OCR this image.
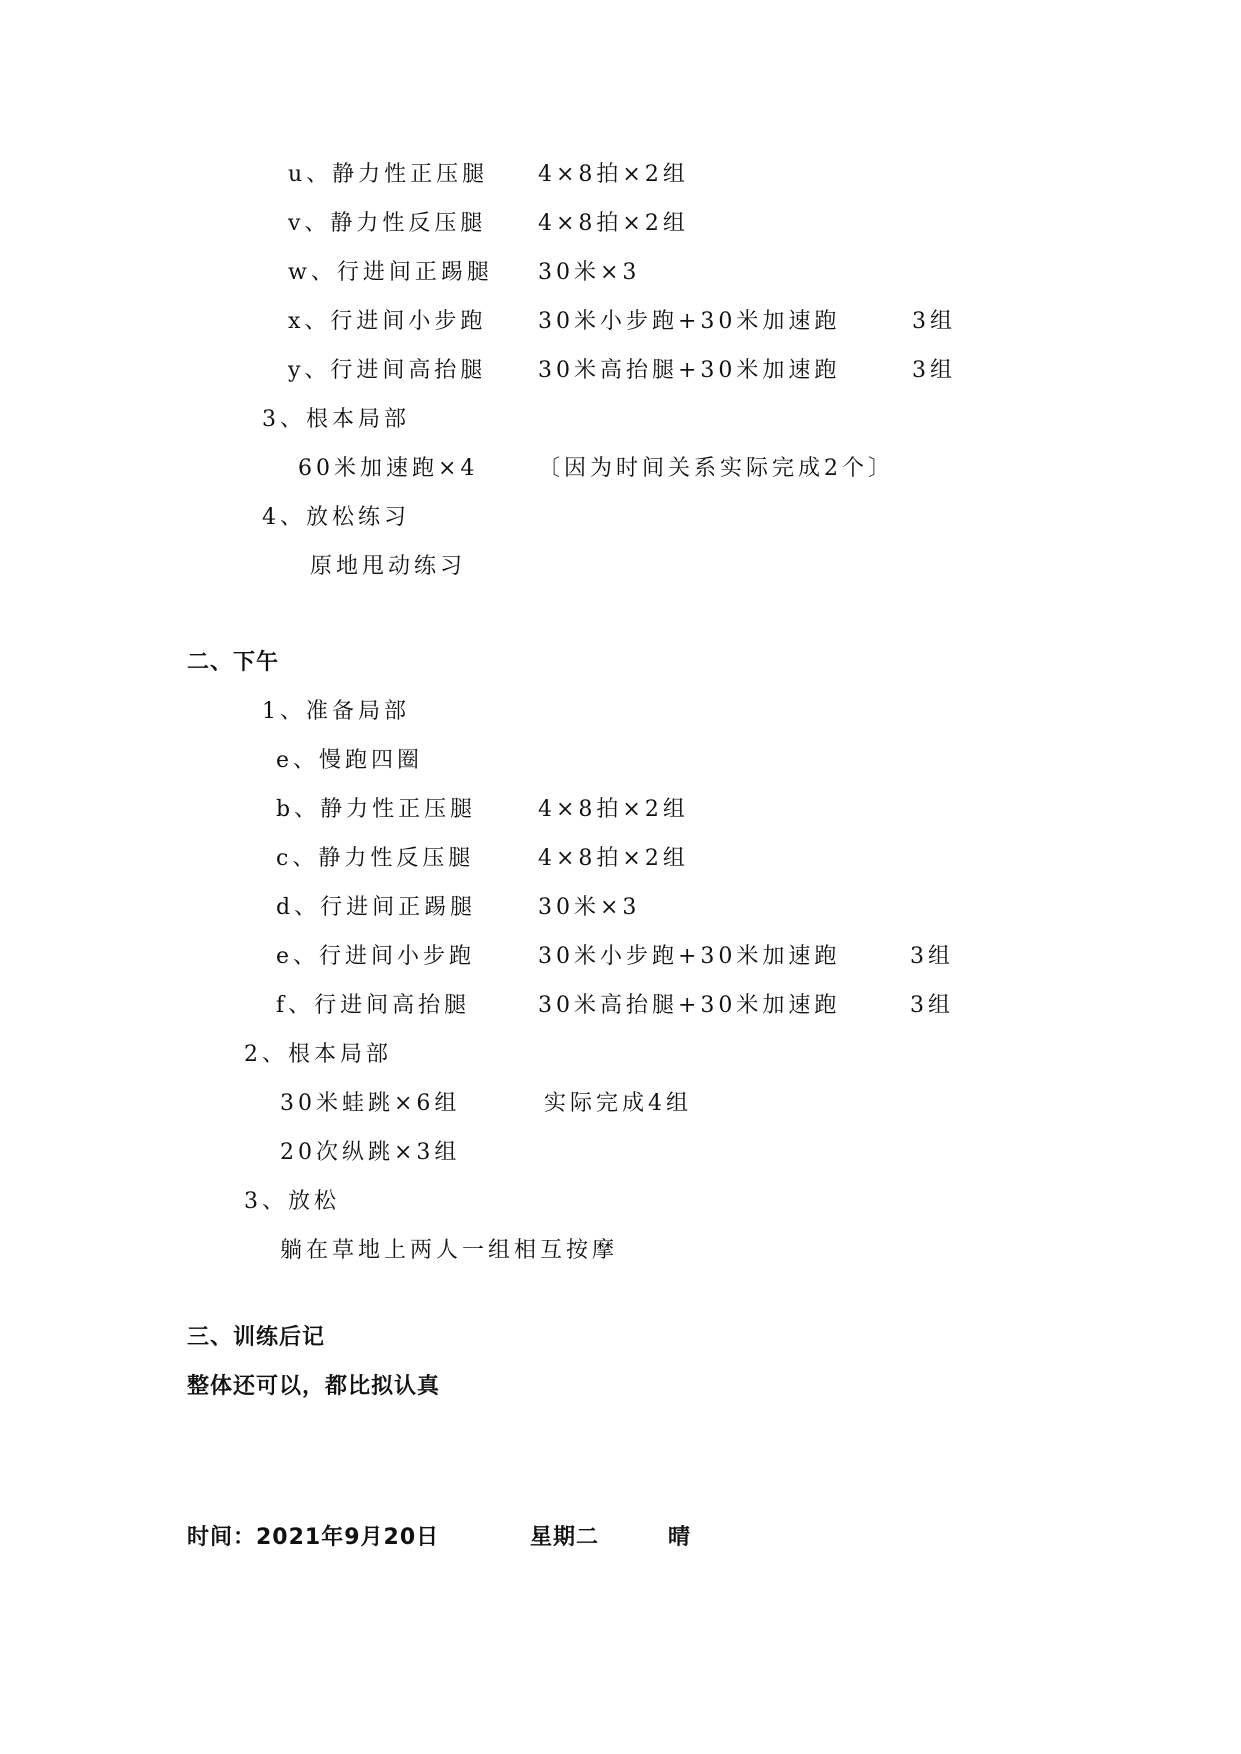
u、静力性正压腿 4×8拍×2组
v、静力性反压腿 4×8拍×2组
w、行进间正踢腿 30米×3
x、行进间小步跑 30米小步跑+30米加速跑	3组
y、行进间高抬腿 30米高抬腿+30米加速跑	3组
3、根本局部
60米加速跑×4	〔因为时间关系实际完成2个〕
4、放松练习
原地甩动练习
二、下午
1、准备局部
e、慢跑四圈
b、静力性正压腿	4×8拍×2组
c、静力性反压腿	4×8拍×2组
d、行进间正踢腿	30米×3
e、行进间小步跑	30米小步跑+30米加速跑	3组
f、行进间高抬腿	30米高抬腿+30米加速跑	3组
2、根本局部
30米蛙跳×6组	实际完成4组
20次纵跳×3组
3、放松
躺在草地上两人一组相互按摩
三、训练后记
整体还可以，都比拟认真
时间：2021年9月20日	星期二	晴
